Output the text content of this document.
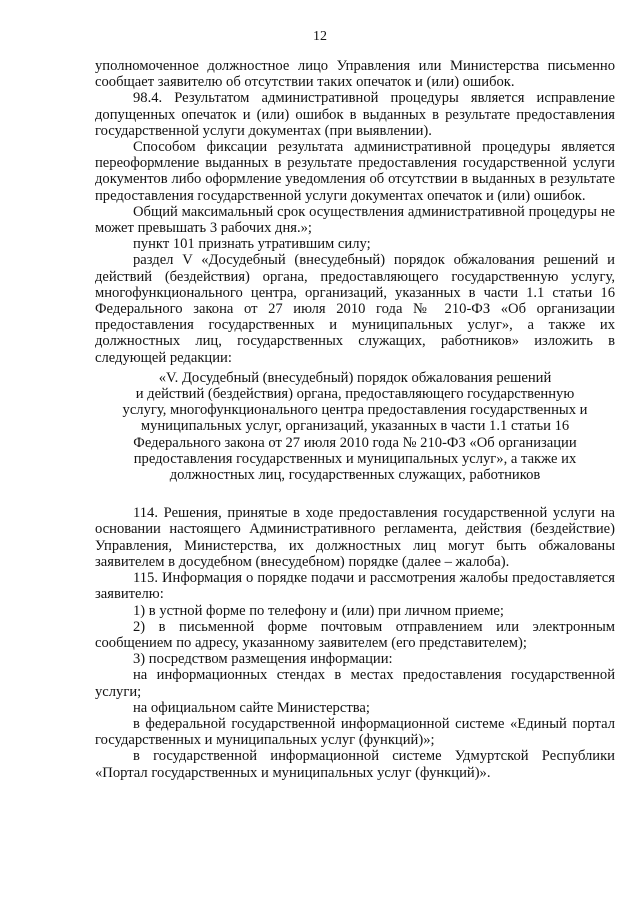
12

уполномоченное должностное лицо Управления или Министерства письменно сообщает заявителю об отсутствии таких опечаток и (или) ошибок.

98.4. Результатом административной процедуры является исправление допущенных опечаток и (или) ошибок в выданных в результате предоставления государственной услуги документах (при выявлении).

Способом фиксации результата административной процедуры является переоформление выданных в результате предоставления государственной услуги документов либо оформление уведомления об отсутствии в выданных в результате предоставления государственной услуги документах опечаток и (или) ошибок.

Общий максимальный срок осуществления административной процедуры не может превышать 3 рабочих дня.»;

пункт 101 признать утратившим силу;

раздел V «Досудебный (внесудебный) порядок обжалования решений и действий (бездействия) органа, предоставляющего государственную услугу, многофункционального центра, организаций, указанных в части 1.1 статьи 16 Федерального закона от 27 июля 2010 года № 210-ФЗ «Об организации предоставления государственных и муниципальных услуг», а также их должностных лиц, государственных служащих, работников» изложить в следующей редакции:

«V. Досудебный (внесудебный) порядок обжалования решений
и действий (бездействия) органа, предоставляющего государственную
услугу, многофункционального центра предоставления государственных и
муниципальных услуг, организаций, указанных в части 1.1 статьи 16
Федерального закона от 27 июля 2010 года № 210-ФЗ «Об организации
предоставления государственных и муниципальных услуг», а также их
должностных лиц, государственных служащих, работников

114. Решения, принятые в ходе предоставления государственной услуги на основании настоящего Административного регламента, действия (бездействие) Управления, Министерства, их должностных лиц могут быть обжалованы заявителем в досудебном (внесудебном) порядке (далее – жалоба).

115. Информация о порядке подачи и рассмотрения жалобы предоставляется заявителю:

1) в устной форме по телефону и (или) при личном приеме;

2) в письменной форме почтовым отправлением или электронным сообщением по адресу, указанному заявителем (его представителем);

3) посредством размещения информации:

на информационных стендах в местах предоставления государственной услуги;

на официальном сайте Министерства;

в федеральной государственной информационной системе «Единый портал государственных и муниципальных услуг (функций)»;

в государственной информационной системе Удмуртской Республики «Портал государственных и муниципальных услуг (функций)».
